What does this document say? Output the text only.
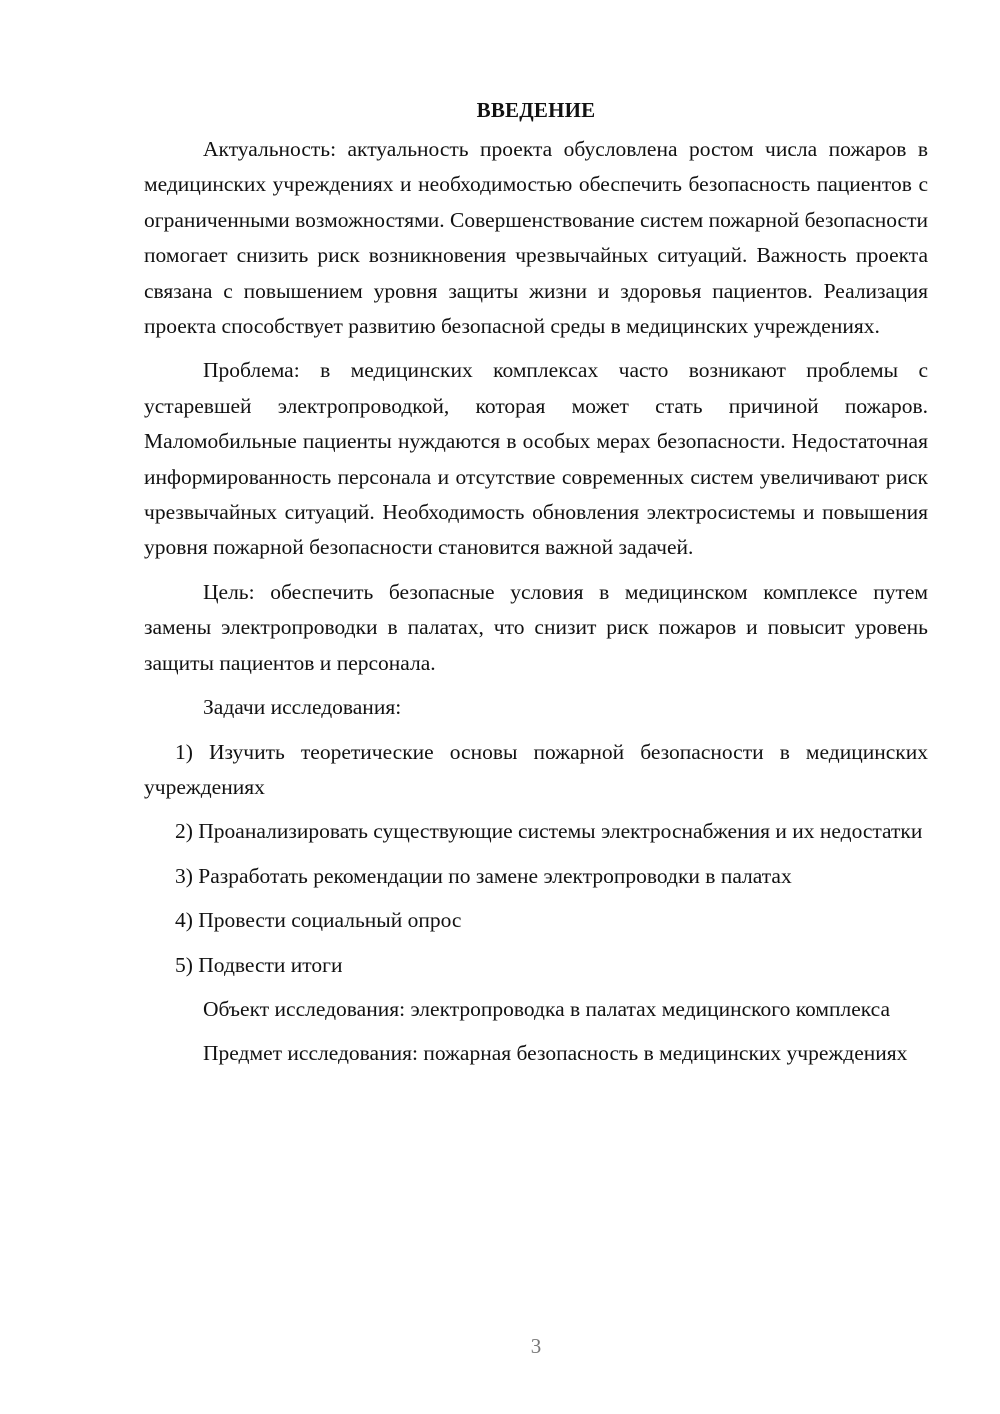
ВВЕДЕНИЕ

Актуальность: актуальность проекта обусловлена ростом числа пожаров в медицинских учреждениях и необходимостью обеспечить безопасность пациентов с ограниченными возможностями. Совершенствование систем пожарной безопасности помогает снизить риск возникновения чрезвычайных ситуаций. Важность проекта связана с повышением уровня защиты жизни и здоровья пациентов. Реализация проекта способствует развитию безопасной среды в медицинских учреждениях.

Проблема: в медицинских комплексах часто возникают проблемы с устаревшей электропроводкой, которая может стать причиной пожаров. Маломобильные пациенты нуждаются в особых мерах безопасности. Недостаточная информированность персонала и отсутствие современных систем увеличивают риск чрезвычайных ситуаций. Необходимость обновления электросистемы и повышения уровня пожарной безопасности становится важной задачей.

Цель: обеспечить безопасные условия в медицинском комплексе путем замены электропроводки в палатах, что снизит риск пожаров и повысит уровень защиты пациентов и персонала.

Задачи исследования:

1) Изучить теоретические основы пожарной безопасности в медицинских учреждениях

2) Проанализировать существующие системы электроснабжения и их недостатки

3) Разработать рекомендации по замене электропроводки в палатах

4) Провести социальный опрос

5) Подвести итоги

Объект исследования: электропроводка в палатах медицинского комплекса

Предмет исследования: пожарная безопасность в медицинских учреждениях

3
